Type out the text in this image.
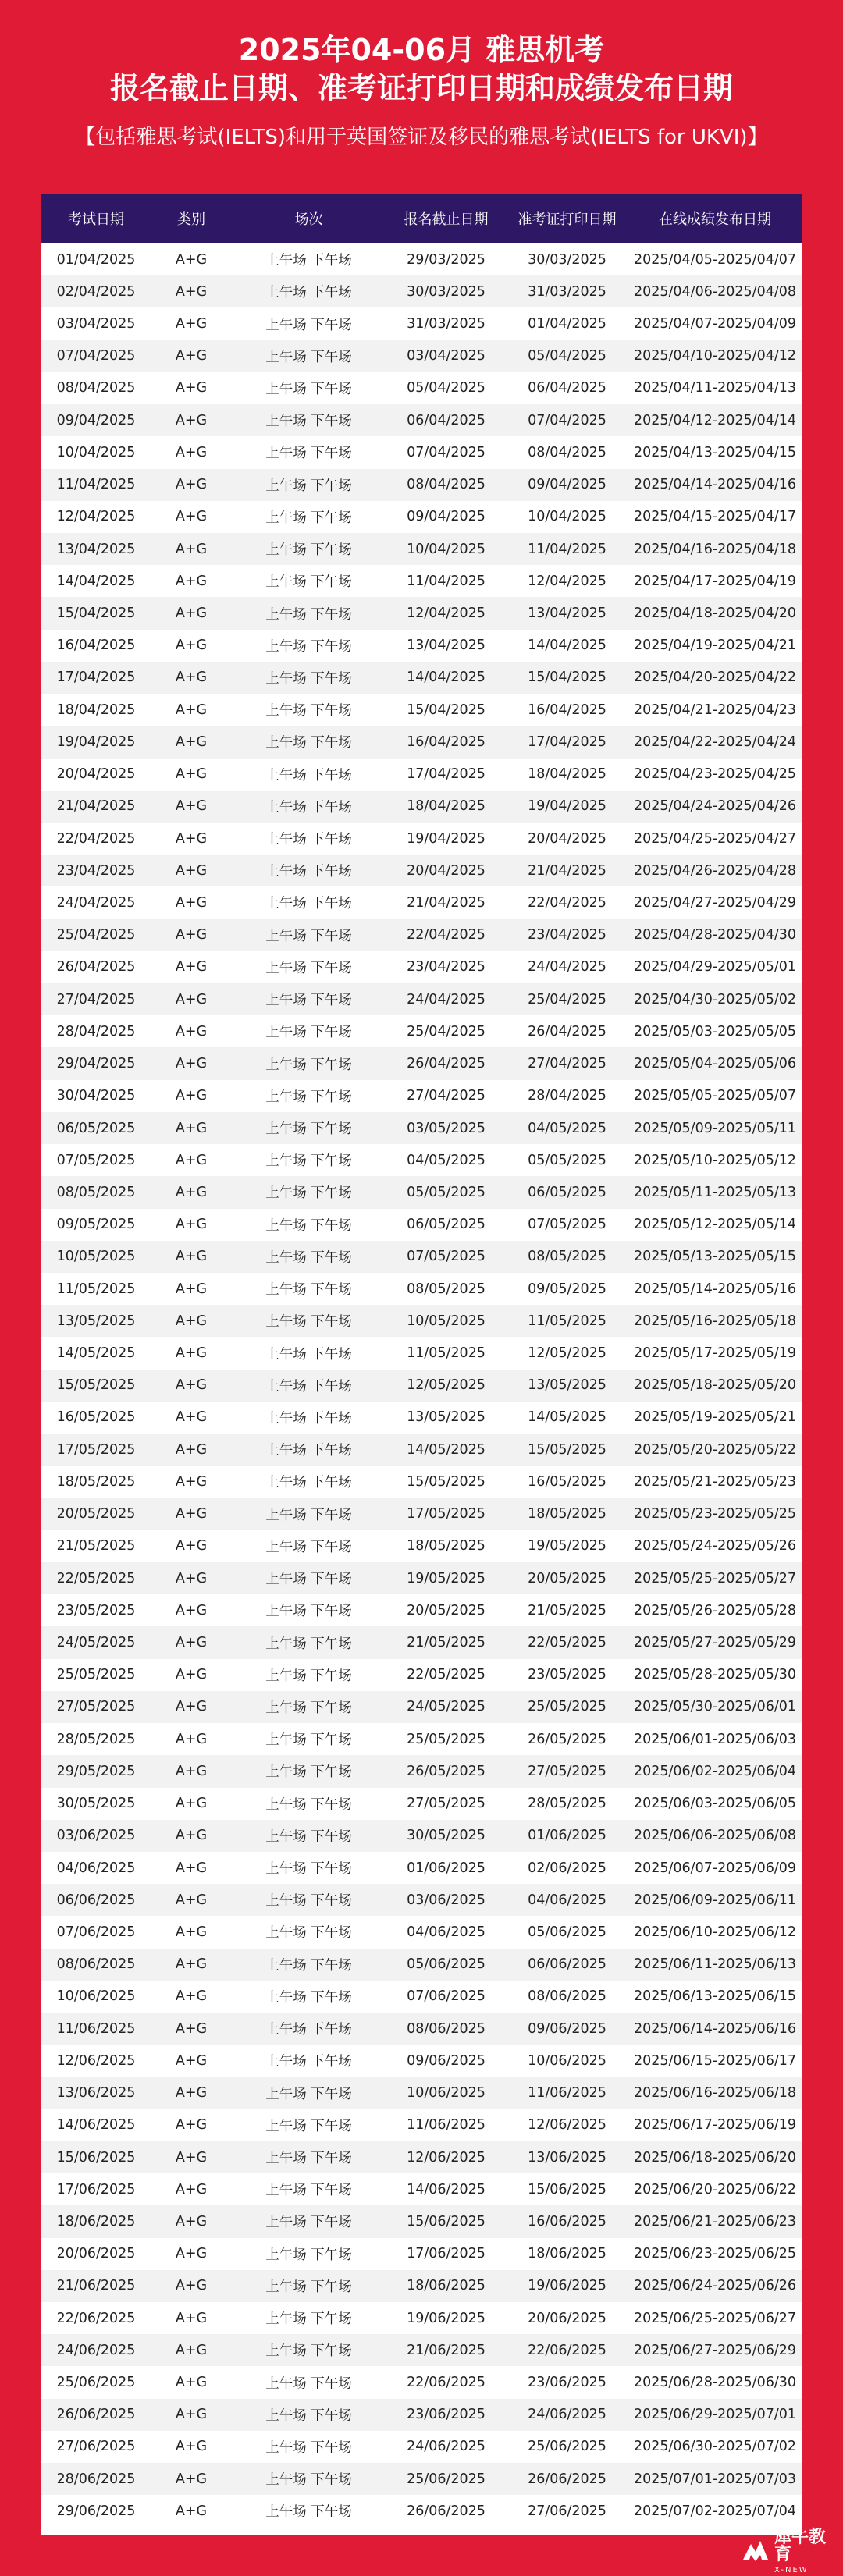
2025年04-06月 雅思机考
报名截止日期、准考证打印日期和成绩发布日期
【包括雅思考试(IELTS)和用于英国签证及移民的雅思考试(IELTS for UKVI)】
考试日期	类别	场次	报名截止日期	准考证打印日期	在线成绩发布日期
01/04/2025	A+G	上午场 下午场	29/03/2025	30/03/2025	2025/04/05-2025/04/07
02/04/2025	A+G	上午场 下午场	30/03/2025	31/03/2025	2025/04/06-2025/04/08
03/04/2025	A+G	上午场 下午场	31/03/2025	01/04/2025	2025/04/07-2025/04/09
07/04/2025	A+G	上午场 下午场	03/04/2025	05/04/2025	2025/04/10-2025/04/12
08/04/2025	A+G	上午场 下午场	05/04/2025	06/04/2025	2025/04/11-2025/04/13
09/04/2025	A+G	上午场 下午场	06/04/2025	07/04/2025	2025/04/12-2025/04/14
10/04/2025	A+G	上午场 下午场	07/04/2025	08/04/2025	2025/04/13-2025/04/15
11/04/2025	A+G	上午场 下午场	08/04/2025	09/04/2025	2025/04/14-2025/04/16
12/04/2025	A+G	上午场 下午场	09/04/2025	10/04/2025	2025/04/15-2025/04/17
13/04/2025	A+G	上午场 下午场	10/04/2025	11/04/2025	2025/04/16-2025/04/18
14/04/2025	A+G	上午场 下午场	11/04/2025	12/04/2025	2025/04/17-2025/04/19
15/04/2025	A+G	上午场 下午场	12/04/2025	13/04/2025	2025/04/18-2025/04/20
16/04/2025	A+G	上午场 下午场	13/04/2025	14/04/2025	2025/04/19-2025/04/21
17/04/2025	A+G	上午场 下午场	14/04/2025	15/04/2025	2025/04/20-2025/04/22
18/04/2025	A+G	上午场 下午场	15/04/2025	16/04/2025	2025/04/21-2025/04/23
19/04/2025	A+G	上午场 下午场	16/04/2025	17/04/2025	2025/04/22-2025/04/24
20/04/2025	A+G	上午场 下午场	17/04/2025	18/04/2025	2025/04/23-2025/04/25
21/04/2025	A+G	上午场 下午场	18/04/2025	19/04/2025	2025/04/24-2025/04/26
22/04/2025	A+G	上午场 下午场	19/04/2025	20/04/2025	2025/04/25-2025/04/27
23/04/2025	A+G	上午场 下午场	20/04/2025	21/04/2025	2025/04/26-2025/04/28
24/04/2025	A+G	上午场 下午场	21/04/2025	22/04/2025	2025/04/27-2025/04/29
25/04/2025	A+G	上午场 下午场	22/04/2025	23/04/2025	2025/04/28-2025/04/30
26/04/2025	A+G	上午场 下午场	23/04/2025	24/04/2025	2025/04/29-2025/05/01
27/04/2025	A+G	上午场 下午场	24/04/2025	25/04/2025	2025/04/30-2025/05/02
28/04/2025	A+G	上午场 下午场	25/04/2025	26/04/2025	2025/05/03-2025/05/05
29/04/2025	A+G	上午场 下午场	26/04/2025	27/04/2025	2025/05/04-2025/05/06
30/04/2025	A+G	上午场 下午场	27/04/2025	28/04/2025	2025/05/05-2025/05/07
06/05/2025	A+G	上午场 下午场	03/05/2025	04/05/2025	2025/05/09-2025/05/11
07/05/2025	A+G	上午场 下午场	04/05/2025	05/05/2025	2025/05/10-2025/05/12
08/05/2025	A+G	上午场 下午场	05/05/2025	06/05/2025	2025/05/11-2025/05/13
09/05/2025	A+G	上午场 下午场	06/05/2025	07/05/2025	2025/05/12-2025/05/14
10/05/2025	A+G	上午场 下午场	07/05/2025	08/05/2025	2025/05/13-2025/05/15
11/05/2025	A+G	上午场 下午场	08/05/2025	09/05/2025	2025/05/14-2025/05/16
13/05/2025	A+G	上午场 下午场	10/05/2025	11/05/2025	2025/05/16-2025/05/18
14/05/2025	A+G	上午场 下午场	11/05/2025	12/05/2025	2025/05/17-2025/05/19
15/05/2025	A+G	上午场 下午场	12/05/2025	13/05/2025	2025/05/18-2025/05/20
16/05/2025	A+G	上午场 下午场	13/05/2025	14/05/2025	2025/05/19-2025/05/21
17/05/2025	A+G	上午场 下午场	14/05/2025	15/05/2025	2025/05/20-2025/05/22
18/05/2025	A+G	上午场 下午场	15/05/2025	16/05/2025	2025/05/21-2025/05/23
20/05/2025	A+G	上午场 下午场	17/05/2025	18/05/2025	2025/05/23-2025/05/25
21/05/2025	A+G	上午场 下午场	18/05/2025	19/05/2025	2025/05/24-2025/05/26
22/05/2025	A+G	上午场 下午场	19/05/2025	20/05/2025	2025/05/25-2025/05/27
23/05/2025	A+G	上午场 下午场	20/05/2025	21/05/2025	2025/05/26-2025/05/28
24/05/2025	A+G	上午场 下午场	21/05/2025	22/05/2025	2025/05/27-2025/05/29
25/05/2025	A+G	上午场 下午场	22/05/2025	23/05/2025	2025/05/28-2025/05/30
27/05/2025	A+G	上午场 下午场	24/05/2025	25/05/2025	2025/05/30-2025/06/01
28/05/2025	A+G	上午场 下午场	25/05/2025	26/05/2025	2025/06/01-2025/06/03
29/05/2025	A+G	上午场 下午场	26/05/2025	27/05/2025	2025/06/02-2025/06/04
30/05/2025	A+G	上午场 下午场	27/05/2025	28/05/2025	2025/06/03-2025/06/05
03/06/2025	A+G	上午场 下午场	30/05/2025	01/06/2025	2025/06/06-2025/06/08
04/06/2025	A+G	上午场 下午场	01/06/2025	02/06/2025	2025/06/07-2025/06/09
06/06/2025	A+G	上午场 下午场	03/06/2025	04/06/2025	2025/06/09-2025/06/11
07/06/2025	A+G	上午场 下午场	04/06/2025	05/06/2025	2025/06/10-2025/06/12
08/06/2025	A+G	上午场 下午场	05/06/2025	06/06/2025	2025/06/11-2025/06/13
10/06/2025	A+G	上午场 下午场	07/06/2025	08/06/2025	2025/06/13-2025/06/15
11/06/2025	A+G	上午场 下午场	08/06/2025	09/06/2025	2025/06/14-2025/06/16
12/06/2025	A+G	上午场 下午场	09/06/2025	10/06/2025	2025/06/15-2025/06/17
13/06/2025	A+G	上午场 下午场	10/06/2025	11/06/2025	2025/06/16-2025/06/18
14/06/2025	A+G	上午场 下午场	11/06/2025	12/06/2025	2025/06/17-2025/06/19
15/06/2025	A+G	上午场 下午场	12/06/2025	13/06/2025	2025/06/18-2025/06/20
17/06/2025	A+G	上午场 下午场	14/06/2025	15/06/2025	2025/06/20-2025/06/22
18/06/2025	A+G	上午场 下午场	15/06/2025	16/06/2025	2025/06/21-2025/06/23
20/06/2025	A+G	上午场 下午场	17/06/2025	18/06/2025	2025/06/23-2025/06/25
21/06/2025	A+G	上午场 下午场	18/06/2025	19/06/2025	2025/06/24-2025/06/26
22/06/2025	A+G	上午场 下午场	19/06/2025	20/06/2025	2025/06/25-2025/06/27
24/06/2025	A+G	上午场 下午场	21/06/2025	22/06/2025	2025/06/27-2025/06/29
25/06/2025	A+G	上午场 下午场	22/06/2025	23/06/2025	2025/06/28-2025/06/30
26/06/2025	A+G	上午场 下午场	23/06/2025	24/06/2025	2025/06/29-2025/07/01
27/06/2025	A+G	上午场 下午场	24/06/2025	25/06/2025	2025/06/30-2025/07/02
28/06/2025	A+G	上午场 下午场	25/06/2025	26/06/2025	2025/07/01-2025/07/03
29/06/2025	A+G	上午场 下午场	26/06/2025	27/06/2025	2025/07/02-2025/07/04
犀牛教育
X-NEW
